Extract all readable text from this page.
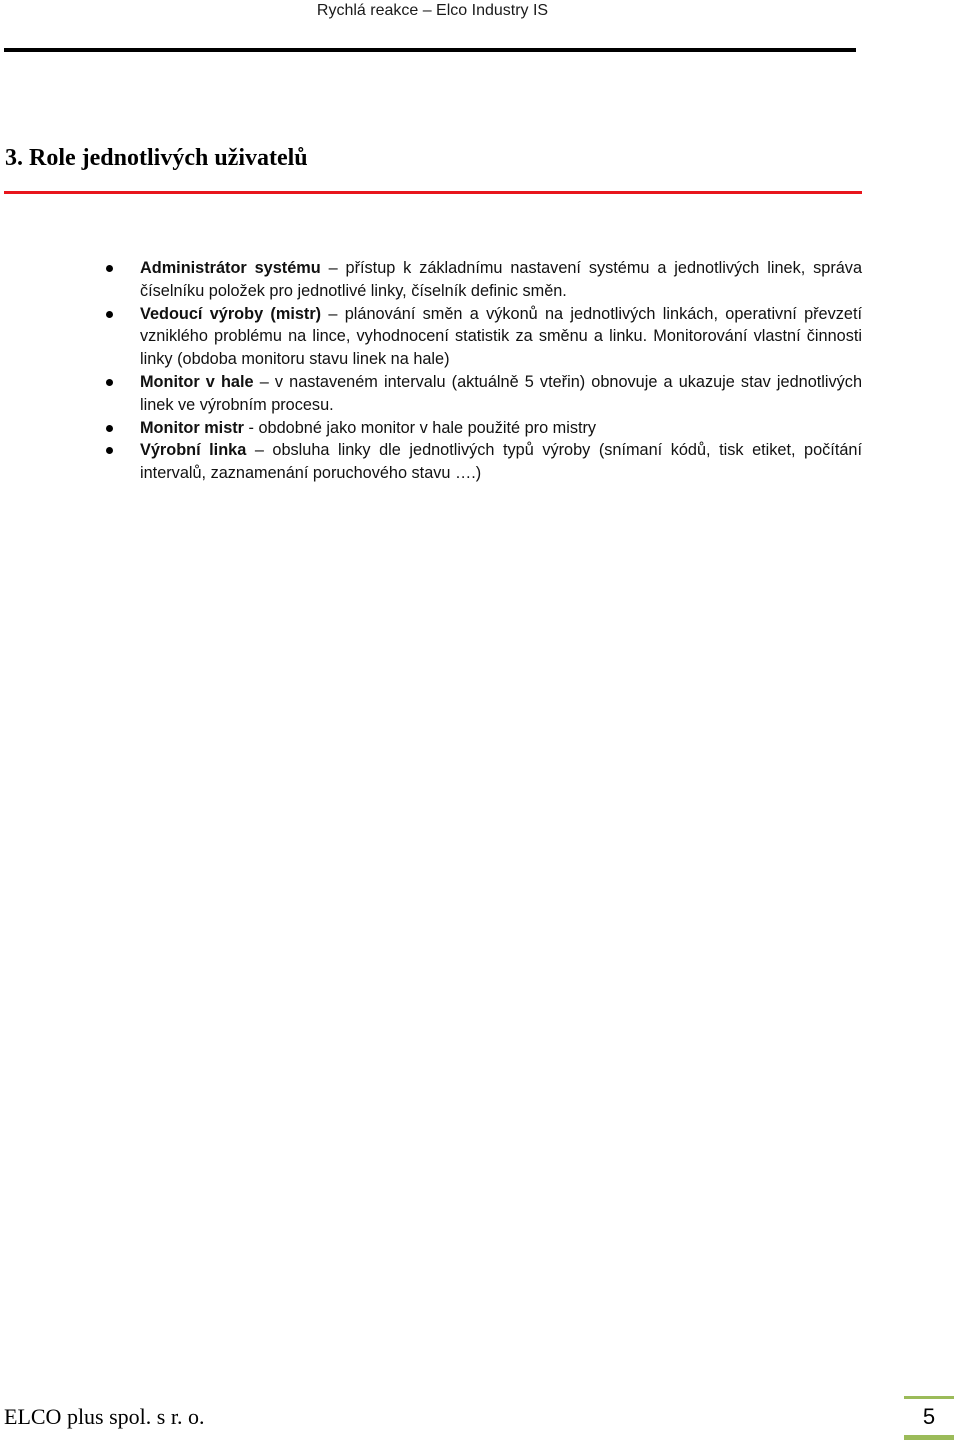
Rychlá reakce – Elco Industry IS
3. Role jednotlivých uživatelů
Administrátor systému – přístup k základnímu nastavení systému a jednotlivých linek, správa číselníku položek pro jednotlivé linky, číselník definic směn.
Vedoucí výroby (mistr) – plánování směn a výkonů na jednotlivých linkách, operativní převzetí vzniklého problému na lince, vyhodnocení statistik za směnu a linku. Monitorování vlastní činnosti linky (obdoba monitoru stavu linek na hale)
Monitor v hale – v nastaveném intervalu (aktuálně 5 vteřin) obnovuje a ukazuje stav jednotlivých linek ve výrobním procesu.
Monitor mistr - obdobné jako monitor v hale použité pro mistry
Výrobní linka – obsluha linky dle jednotlivých typů výroby (snímaní kódů, tisk etiket, počítání intervalů, zaznamenání poruchového stavu ….)
ELCO plus spol. s r. o.	5
